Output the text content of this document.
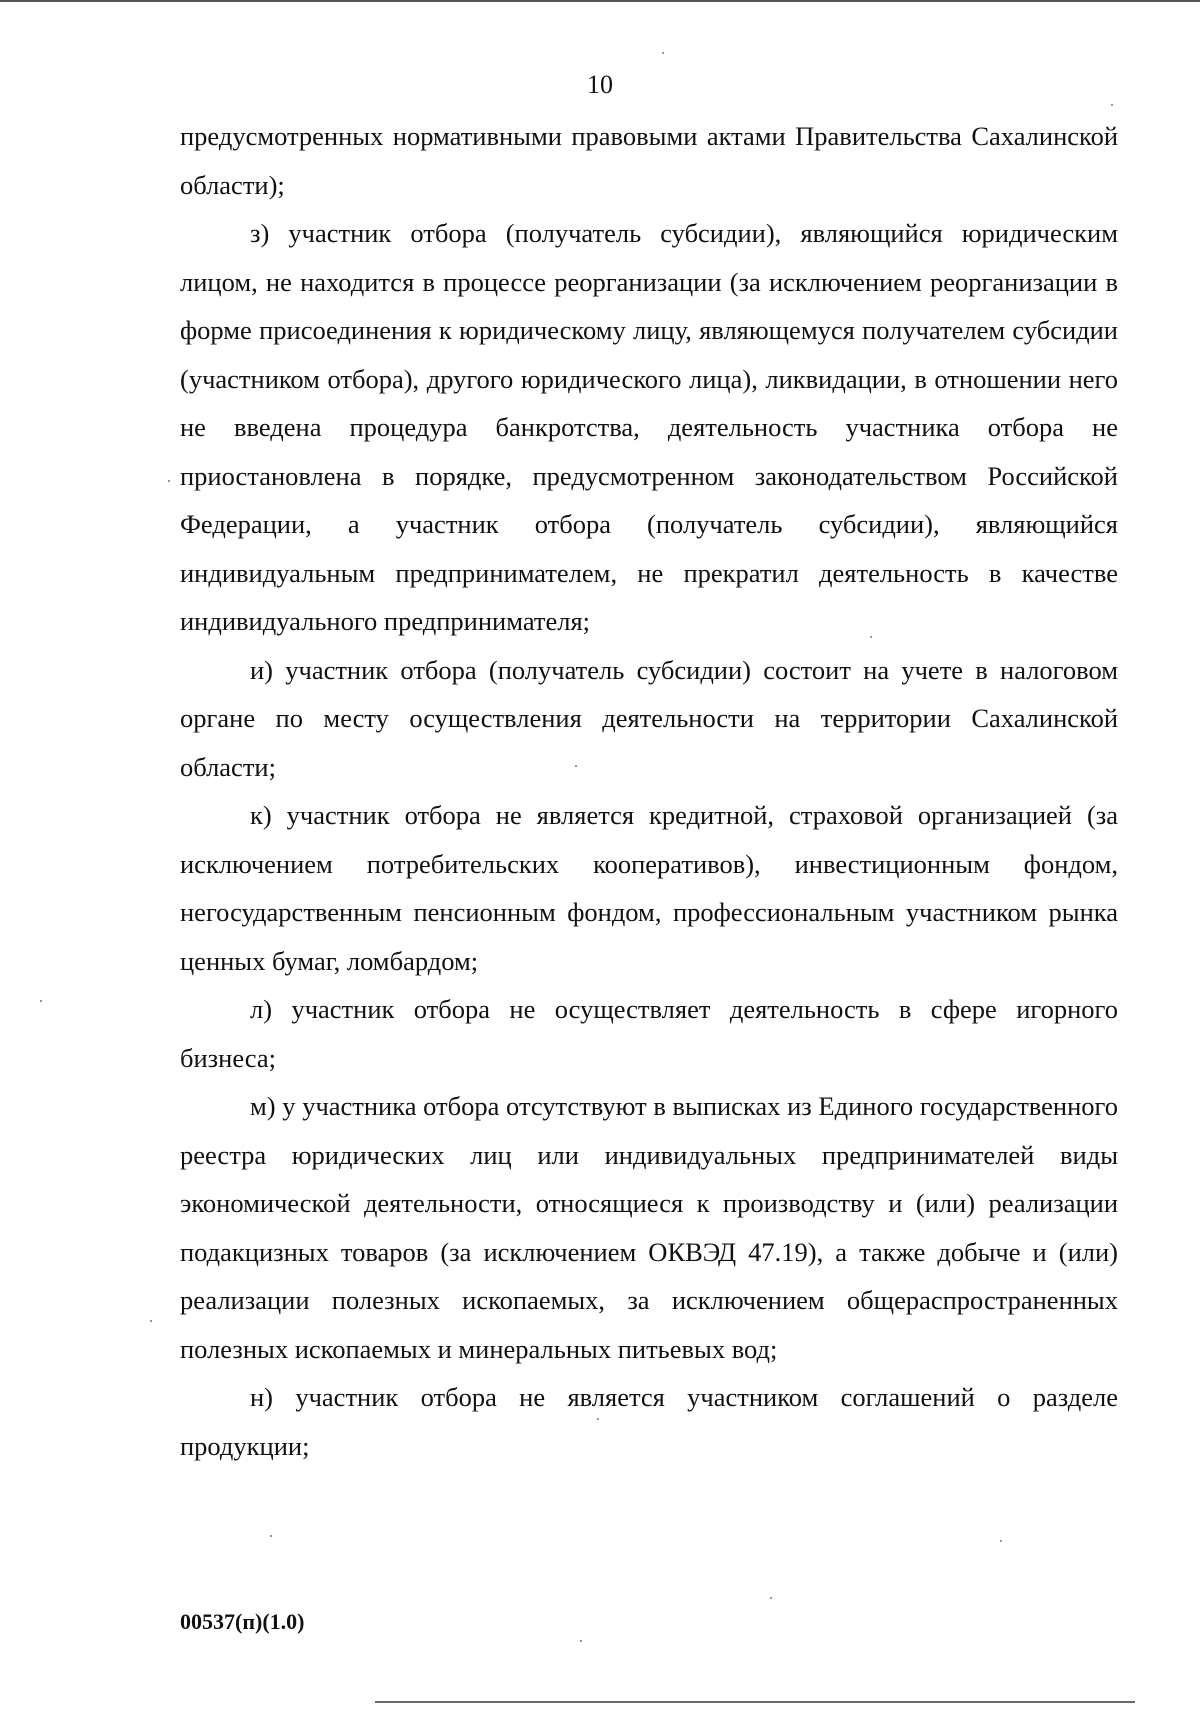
10

предусмотренных нормативными правовыми актами Правительства Сахалинской области);

з) участник отбора (получатель субсидии), являющийся юридическим лицом, не находится в процессе реорганизации (за исключением реорганизации в форме присоединения к юридическому лицу, являющемуся получателем субсидии (участником отбора), другого юридического лица), ликвидации, в отношении него не введена процедура банкротства, деятельность участника отбора не приостановлена в порядке, предусмотренном законодательством Российской Федерации, а участник отбора (получатель субсидии), являющийся индивидуальным предпринимателем, не прекратил деятельность в качестве индивидуального предпринимателя;

и) участник отбора (получатель субсидии) состоит на учете в налоговом органе по месту осуществления деятельности на территории Сахалинской области;

к) участник отбора не является кредитной, страховой организацией (за исключением потребительских кооперативов), инвестиционным фондом, негосударственным пенсионным фондом, профессиональным участником рынка ценных бумаг, ломбардом;

л) участник отбора не осуществляет деятельность в сфере игорного бизнеса;

м) у участника отбора отсутствуют в выписках из Единого государственного реестра юридических лиц или индивидуальных предпринимателей виды экономической деятельности, относящиеся к производству и (или) реализации подакцизных товаров (за исключением ОКВЭД 47.19), а также добыче и (или) реализации полезных ископаемых, за исключением общераспространенных полезных ископаемых и минеральных питьевых вод;

н) участник отбора не является участником соглашений о разделе продукции;

00537(п)(1.0)
